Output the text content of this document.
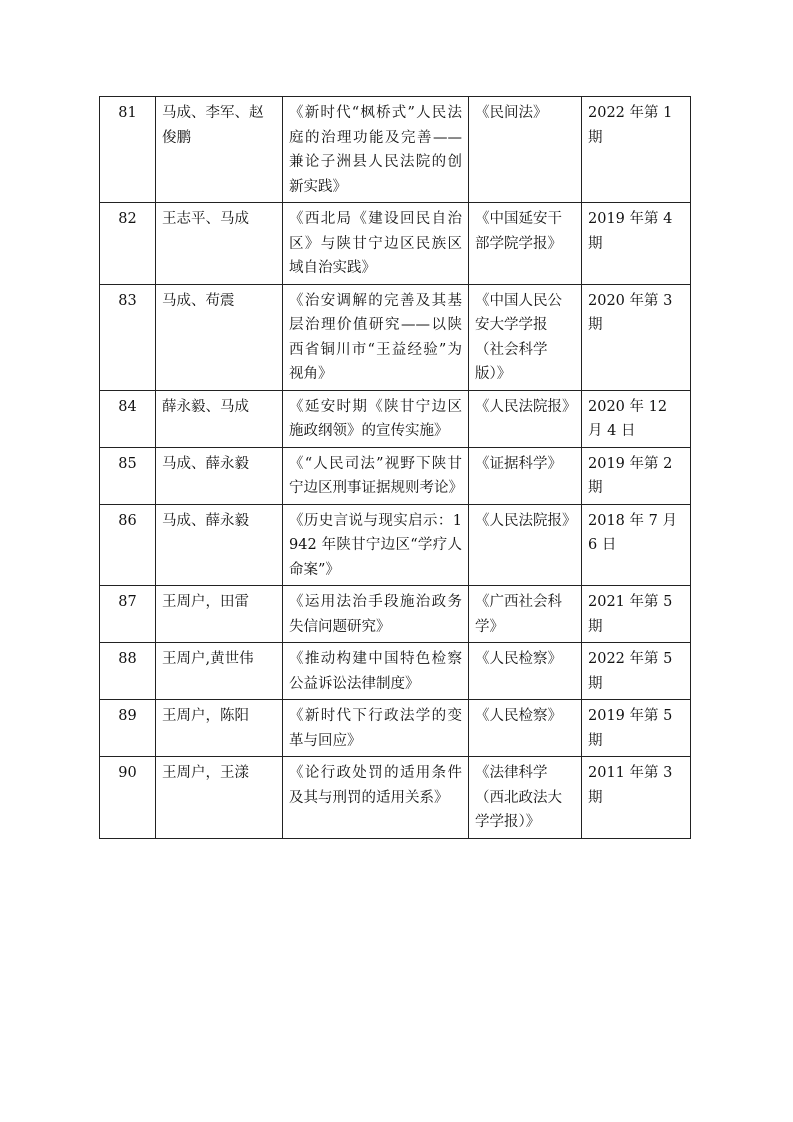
81	马成、李军、赵俊鹏	《新时代“枫桥式”人民法庭的治理功能及完善——兼论子洲县人民法院的创新实践》	《民间法》	2022 年第 1 期
82	王志平、马成	《西北局《建设回民自治区》与陕甘宁边区民族区域自治实践》	《中国延安干部学院学报》	2019 年第 4 期
83	马成、苟震	《治安调解的完善及其基层治理价值研究——以陕西省铜川市“王益经验”为视角》	《中国人民公安大学学报（社会科学版）》	2020 年第 3 期
84	薛永毅、马成	《延安时期《陕甘宁边区施政纲领》的宣传实施》	《人民法院报》	2020 年 12 月 4 日
85	马成、薛永毅	《“人民司法”视野下陕甘宁边区刑事证据规则考论》	《证据科学》	2019 年第 2 期
86	马成、薛永毅	《历史言说与现实启示：1942 年陕甘宁边区“学疗人命案”》	《人民法院报》	2018 年 7 月 6 日
87	王周户，田雷	《运用法治手段施治政务失信问题研究》	《广西社会科学》	2021 年第 5 期
88	王周户,黄世伟	《推动构建中国特色检察公益诉讼法律制度》	《人民检察》	2022 年第 5 期
89	王周户，陈阳	《新时代下行政法学的变革与回应》	《人民检察》	2019 年第 5 期
90	王周户，王漾	《论行政处罚的适用条件及其与刑罚的适用关系》	《法律科学（西北政法大学学报）》	2011 年第 3 期
